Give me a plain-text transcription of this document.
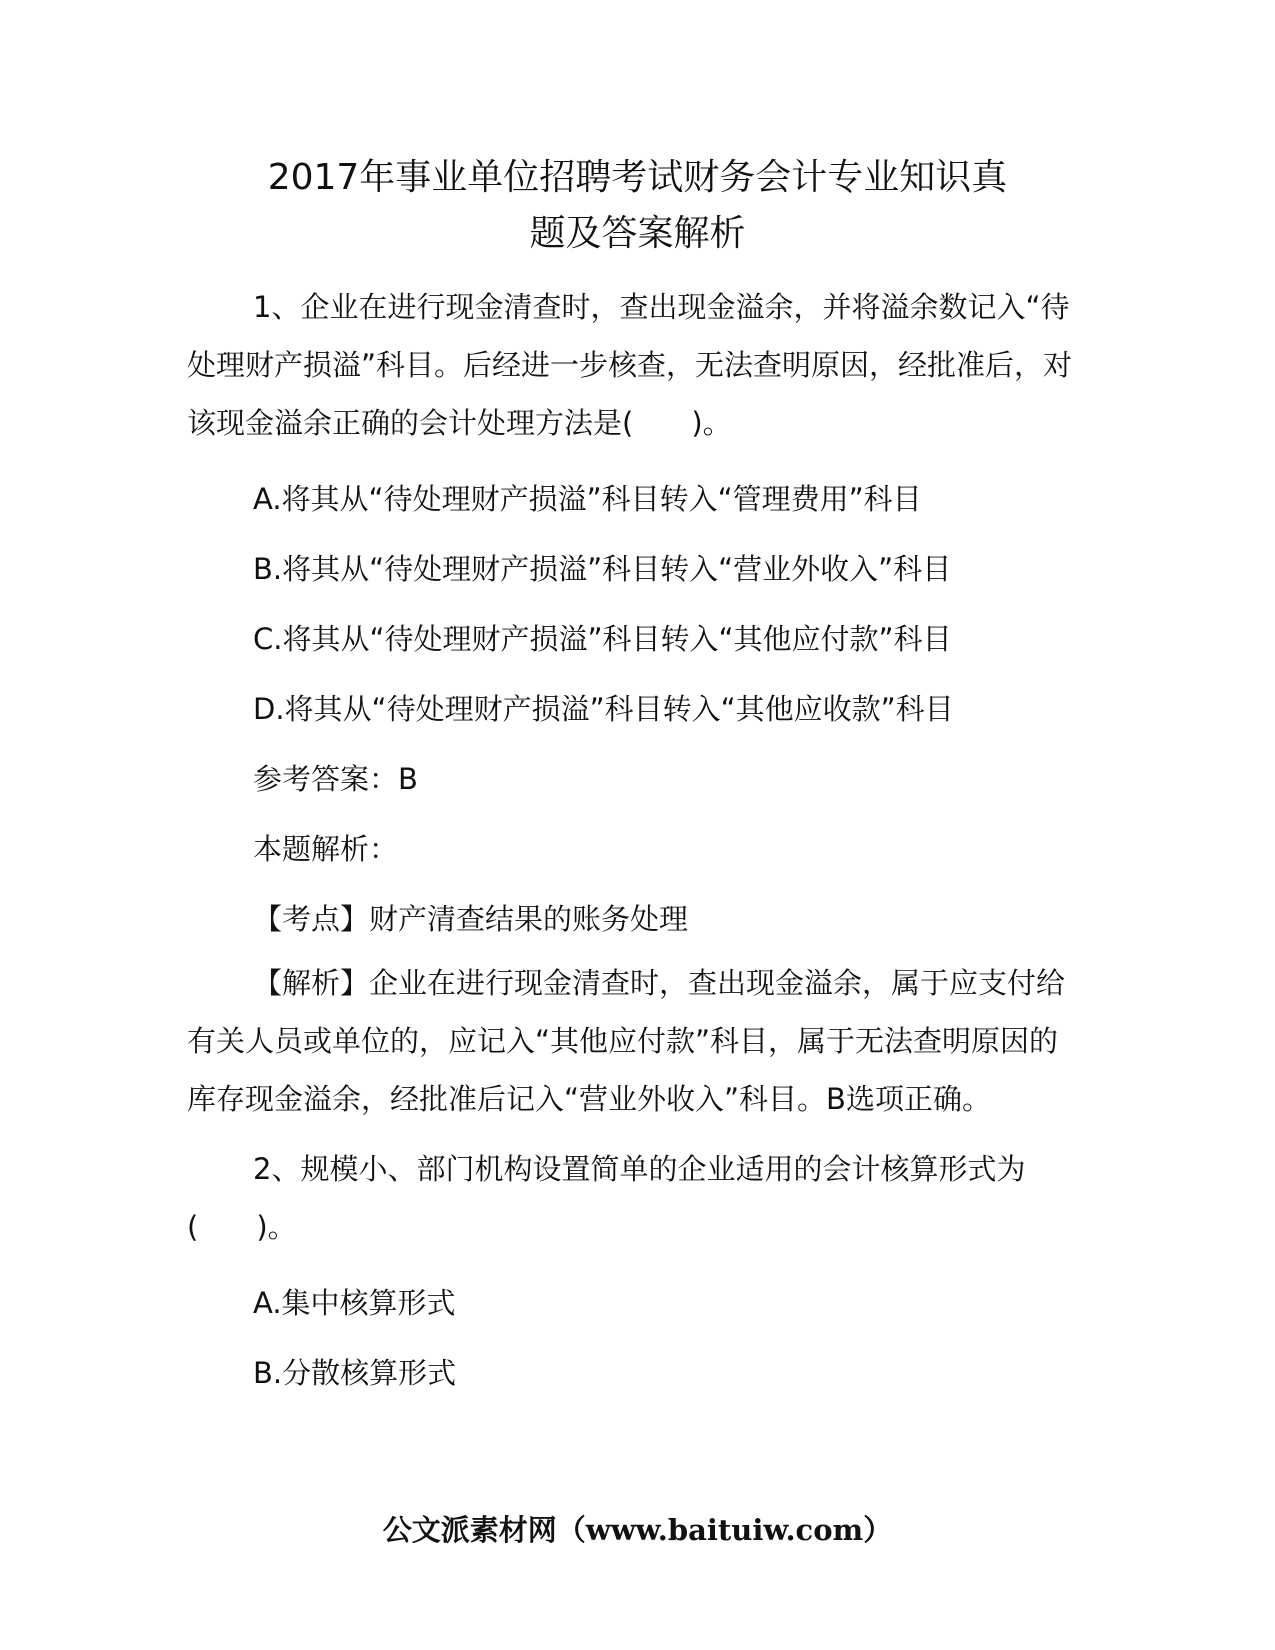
2017年事业单位招聘考试财务会计专业知识真
题及答案解析

1、企业在进行现金清查时，查出现金溢余，并将溢余数记入“待处理财产损溢”科目。后经进一步核查，无法查明原因，经批准后，对该现金溢余正确的会计处理方法是(　　)。

A.将其从“待处理财产损溢”科目转入“管理费用”科目

B.将其从“待处理财产损溢”科目转入“营业外收入”科目

C.将其从“待处理财产损溢”科目转入“其他应付款”科目

D.将其从“待处理财产损溢”科目转入“其他应收款”科目

参考答案：B

本题解析：

【考点】财产清查结果的账务处理

【解析】企业在进行现金清查时，查出现金溢余，属于应支付给有关人员或单位的，应记入“其他应付款”科目，属于无法查明原因的库存现金溢余，经批准后记入“营业外收入”科目。B选项正确。

2、规模小、部门机构设置简单的企业适用的会计核算形式为(　　)。

A.集中核算形式

B.分散核算形式

公文派素材网（www.baituiw.com）
